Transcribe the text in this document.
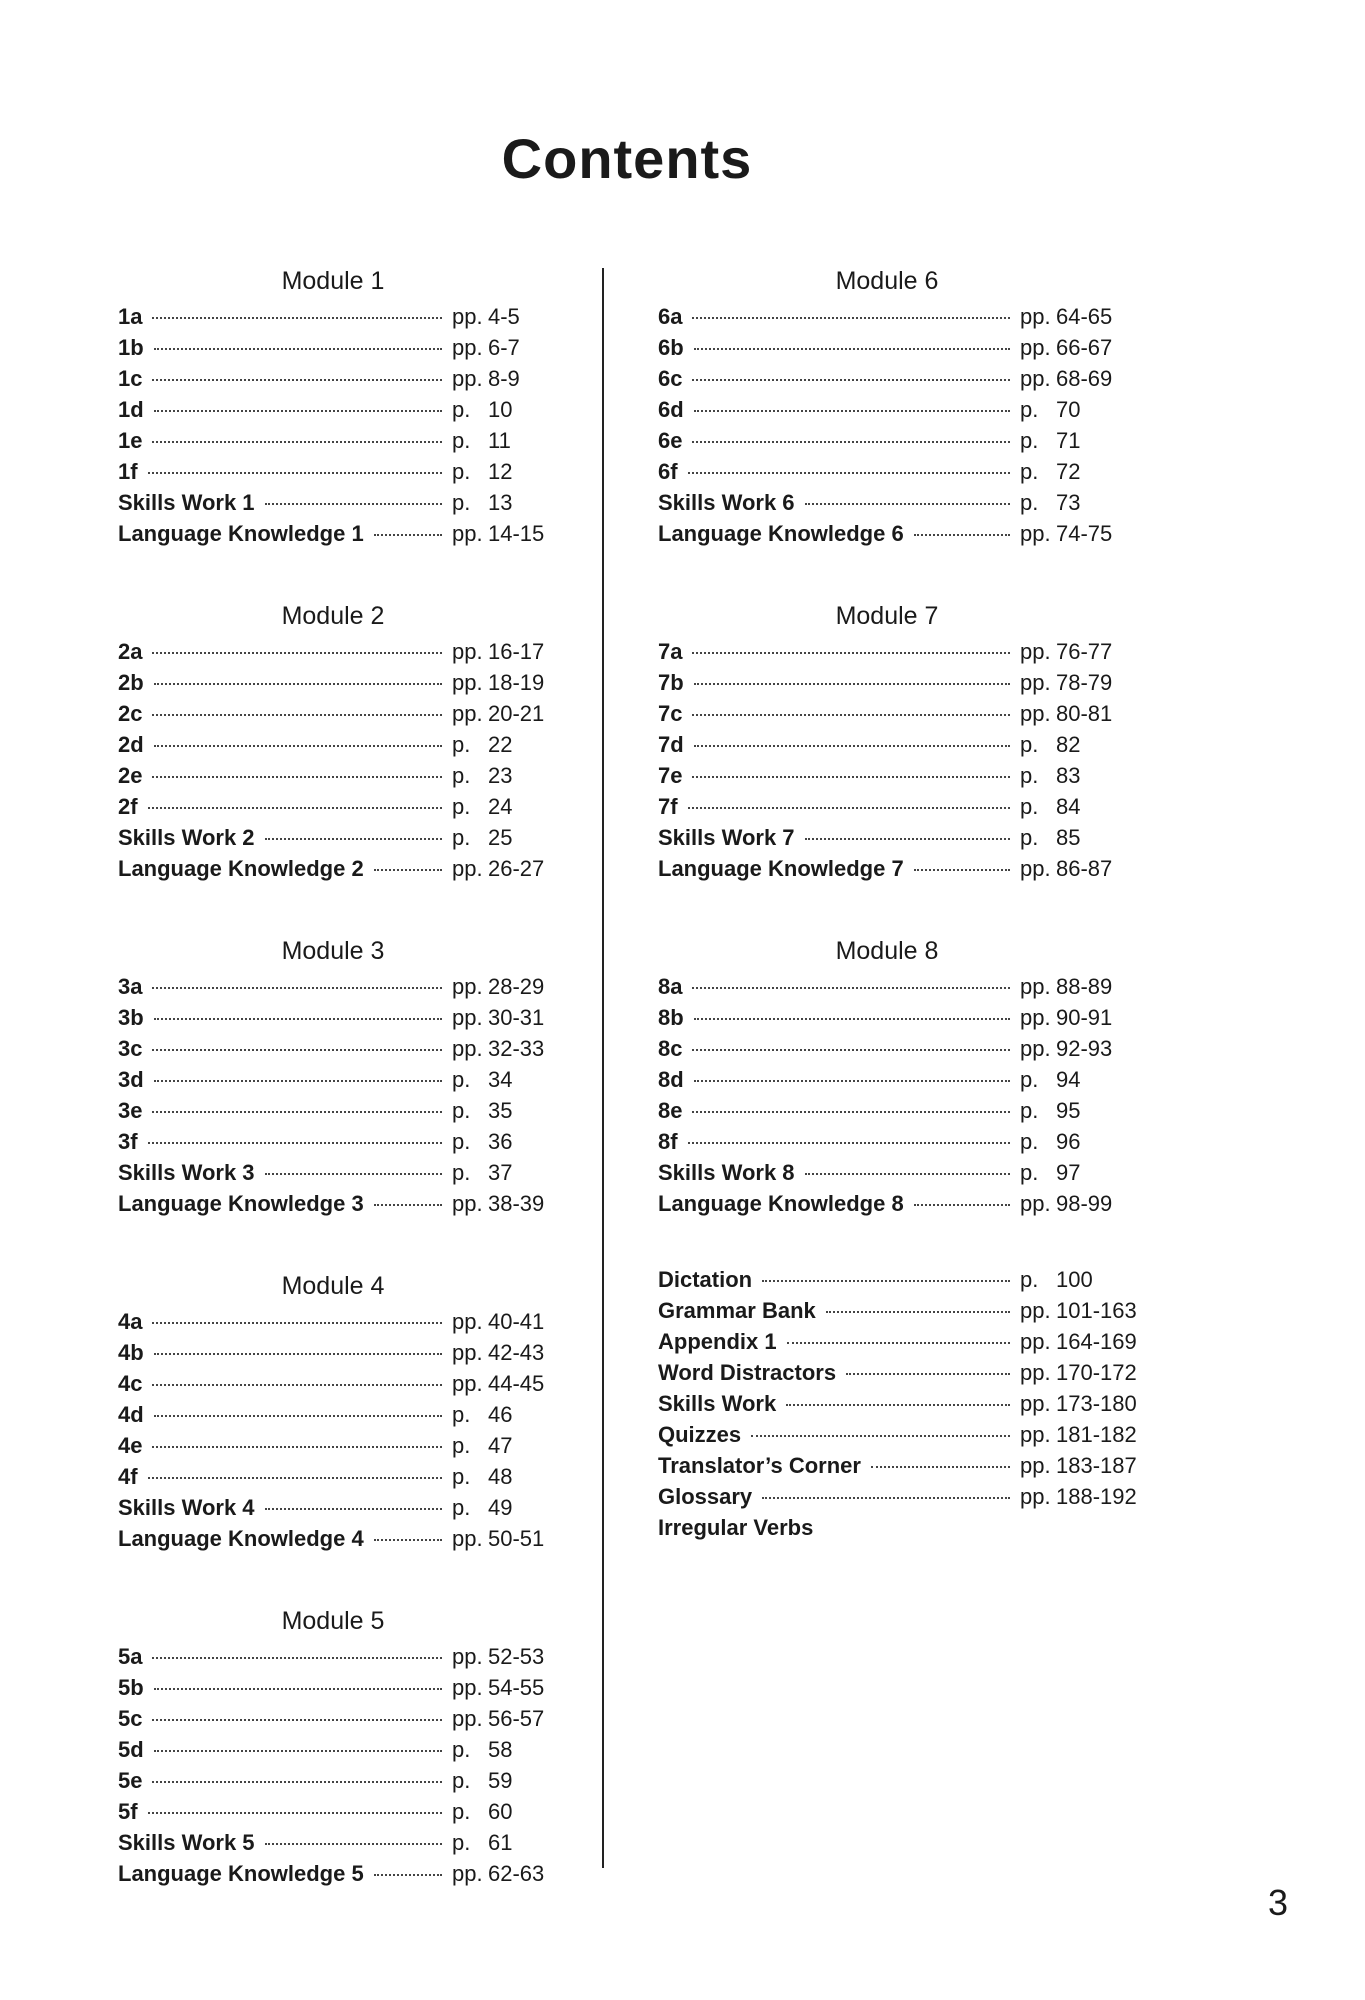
Contents
Module 1
1a	pp. 4-5
1b	pp. 6-7
1c	pp. 8-9
1d	p. 10
1e	p. 11
1f	p. 12
Skills Work 1	p. 13
Language Knowledge 1	pp. 14-15
Module 2
2a	pp. 16-17
2b	pp. 18-19
2c	pp. 20-21
2d	p. 22
2e	p. 23
2f	p. 24
Skills Work 2	p. 25
Language Knowledge 2	pp. 26-27
Module 3
3a	pp. 28-29
3b	pp. 30-31
3c	pp. 32-33
3d	p. 34
3e	p. 35
3f	p. 36
Skills Work 3	p. 37
Language Knowledge 3	pp. 38-39
Module 4
4a	pp. 40-41
4b	pp. 42-43
4c	pp. 44-45
4d	p. 46
4e	p. 47
4f	p. 48
Skills Work 4	p. 49
Language Knowledge 4	pp. 50-51
Module 5
5a	pp. 52-53
5b	pp. 54-55
5c	pp. 56-57
5d	p. 58
5e	p. 59
5f	p. 60
Skills Work 5	p. 61
Language Knowledge 5	pp. 62-63
Module 6
6a	pp. 64-65
6b	pp. 66-67
6c	pp. 68-69
6d	p. 70
6e	p. 71
6f	p. 72
Skills Work 6	p. 73
Language Knowledge 6	pp. 74-75
Module 7
7a	pp. 76-77
7b	pp. 78-79
7c	pp. 80-81
7d	p. 82
7e	p. 83
7f	p. 84
Skills Work 7	p. 85
Language Knowledge 7	pp. 86-87
Module 8
8a	pp. 88-89
8b	pp. 90-91
8c	pp. 92-93
8d	p. 94
8e	p. 95
8f	p. 96
Skills Work 8	p. 97
Language Knowledge 8	pp. 98-99
Dictation	p. 100
Grammar Bank	pp. 101-163
Appendix 1	pp. 164-169
Word Distractors	pp. 170-172
Skills Work	pp. 173-180
Quizzes	pp. 181-182
Translator’s Corner	pp. 183-187
Glossary	pp. 188-192
Irregular Verbs
3
